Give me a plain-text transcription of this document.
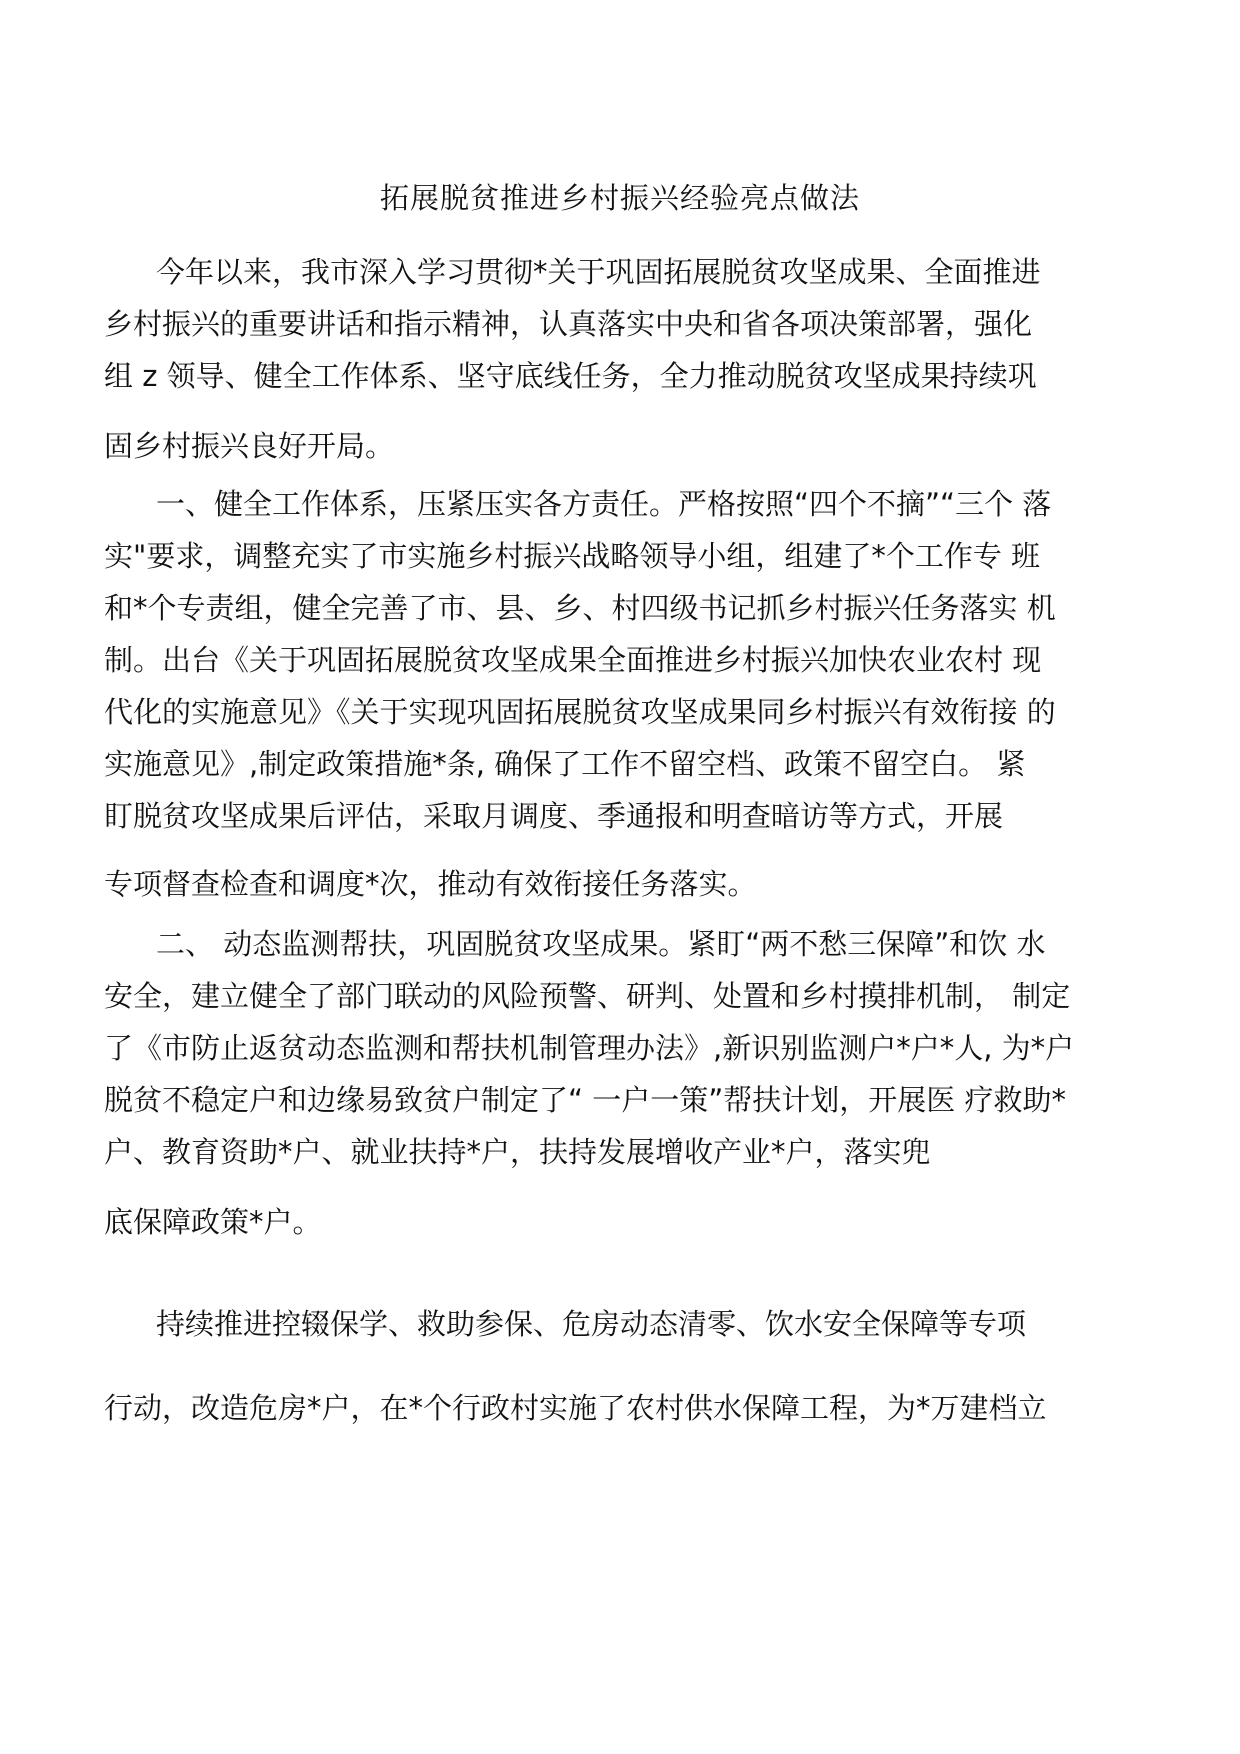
拓展脱贫推进乡村振兴经验亮点做法
今年以来，我市深入学习贯彻*关于巩固拓展脱贫攻坚成果、全面推进
乡村振兴的重要讲话和指示精神，认真落实中央和省各项决策部署，强化
组 z 领导、健全工作体系、坚守底线任务，全力推动脱贫攻坚成果持续巩
固乡村振兴良好开局。
一、健全工作体系，压紧压实各方责任。严格按照“四个不摘”“三个 落
实"要求，调整充实了市实施乡村振兴战略领导小组，组建了*个工作专 班
和*个专责组，健全完善了市、县、乡、村四级书记抓乡村振兴任务落实 机
制。出台《关于巩固拓展脱贫攻坚成果全面推进乡村振兴加快农业农村 现
代化的实施意见》《关于实现巩固拓展脱贫攻坚成果同乡村振兴有效衔接 的
实施意见》,制定政策措施*条, 确保了工作不留空档、政策不留空白。 紧
盯脱贫攻坚成果后评估，采取月调度、季通报和明查暗访等方式，开展
专项督查检查和调度*次，推动有效衔接任务落实。
二、 动态监测帮扶，巩固脱贫攻坚成果。紧盯“两不愁三保障”和饮 水
安全，建立健全了部门联动的风险预警、研判、处置和乡村摸排机制， 制定
了《市防止返贫动态监测和帮扶机制管理办法》,新识别监测户*户*人, 为*户
脱贫不稳定户和边缘易致贫户制定了“ 一户一策”帮扶计划，开展医 疗救助*
户、教育资助*户、就业扶持*户，扶持发展增收产业*户，落实兜
底保障政策*户。
持续推进控辍保学、救助参保、危房动态清零、饮水安全保障等专项
行动，改造危房*户，在*个行政村实施了农村供水保障工程，为*万建档立
